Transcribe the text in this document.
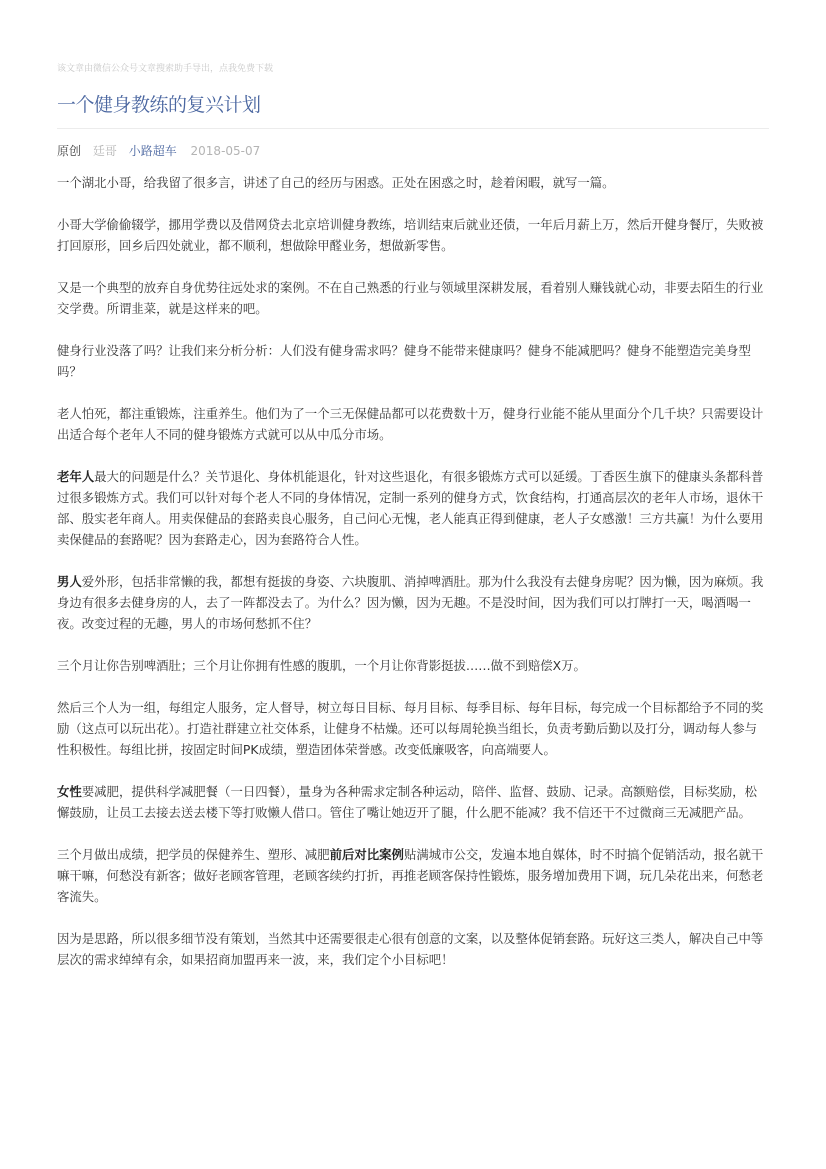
该文章由微信公众号文章搜索助手导出，点我免费下载
一个健身教练的复兴计划
原创 廷哥 小路超车 2018-05-07

一个湖北小哥，给我留了很多言，讲述了自己的经历与困惑。正处在困惑之时，趁着闲暇，就写一篇。

小哥大学偷偷辍学，挪用学费以及借网贷去北京培训健身教练，培训结束后就业还债，一年后月薪上万，然后开健身餐厅，失败被打回原形，回乡后四处就业，都不顺利，想做除甲醛业务，想做新零售。

又是一个典型的放弃自身优势往远处求的案例。不在自己熟悉的行业与领域里深耕发展，看着别人赚钱就心动，非要去陌生的行业交学费。所谓韭菜，就是这样来的吧。

健身行业没落了吗？让我们来分析分析：人们没有健身需求吗？健身不能带来健康吗？健身不能减肥吗？健身不能塑造完美身型吗？

老人怕死，都注重锻炼，注重养生。他们为了一个三无保健品都可以花费数十万，健身行业能不能从里面分个几千块？只需要设计出适合每个老年人不同的健身锻炼方式就可以从中瓜分市场。

老年人最大的问题是什么？关节退化、身体机能退化，针对这些退化，有很多锻炼方式可以延缓。丁香医生旗下的健康头条都科普过很多锻炼方式。我们可以针对每个老人不同的身体情况，定制一系列的健身方式，饮食结构，打通高层次的老年人市场，退休干部、殷实老年商人。用卖保健品的套路卖良心服务，自己问心无愧，老人能真正得到健康，老人子女感激！三方共赢！为什么要用卖保健品的套路呢？因为套路走心，因为套路符合人性。

男人爱外形，包括非常懒的我，都想有挺拔的身姿、六块腹肌、消掉啤酒肚。那为什么我没有去健身房呢？因为懒，因为麻烦。我身边有很多去健身房的人，去了一阵都没去了。为什么？因为懒，因为无趣。不是没时间，因为我们可以打牌打一天，喝酒喝一夜。改变过程的无趣，男人的市场何愁抓不住？

三个月让你告别啤酒肚；三个月让你拥有性感的腹肌，一个月让你背影挺拔……做不到赔偿X万。

然后三个人为一组，每组定人服务，定人督导，树立每日目标、每月目标、每季目标、每年目标，每完成一个目标都给予不同的奖励（这点可以玩出花）。打造社群建立社交体系，让健身不枯燥。还可以每周轮换当组长，负责考勤后勤以及打分，调动每人参与性积极性。每组比拼，按固定时间PK成绩，塑造团体荣誉感。改变低廉吸客，向高端要人。

女性要减肥，提供科学减肥餐（一日四餐），量身为各种需求定制各种运动，陪伴、监督、鼓励、记录。高额赔偿，目标奖励，松懈鼓励，让员工去接去送去楼下等打败懒人借口。管住了嘴让她迈开了腿，什么肥不能减？我不信还干不过微商三无减肥产品。

三个月做出成绩，把学员的保健养生、塑形、减肥前后对比案例贴满城市公交，发遍本地自媒体，时不时搞个促销活动，报名就干嘛干嘛，何愁没有新客；做好老顾客管理，老顾客续约打折，再推老顾客保持性锻炼，服务增加费用下调，玩几朵花出来，何愁老客流失。

因为是思路，所以很多细节没有策划，当然其中还需要很走心很有创意的文案，以及整体促销套路。玩好这三类人，解决自己中等层次的需求绰绰有余，如果招商加盟再来一波，来，我们定个小目标吧！
